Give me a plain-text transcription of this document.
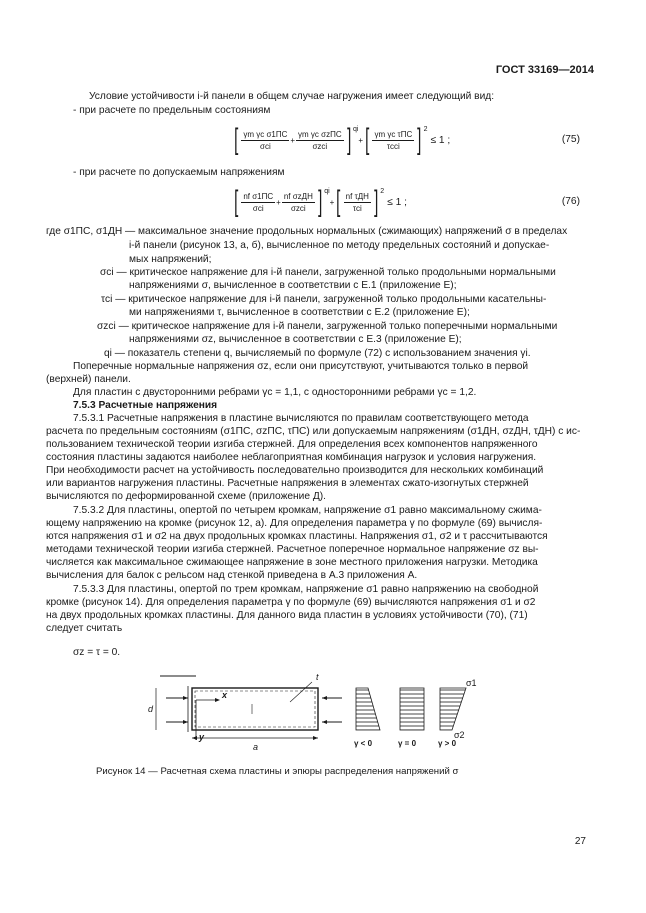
ГОСТ 33169—2014
Условие устойчивости i-й панели в общем случае нагружения имеет следующий вид:
- при расчете по предельным состояниям
[ $\frac{\text{γm γc σ1ПС}}{\text{σci}} + \frac{\text{γm γc σzПС}}{\text{σzci}}$ ] qi
+ [ $\frac{\text{γm γc τПС}}{\text{τcci}}$ ] 2
≤ 1 ;	(75)
- при расчете по допускаемым напряжениям
[ $\frac{\text{nf σ1ПС}}{\text{σci}} + \frac{\text{nf σzДН}}{\text{σzci}}$ ] qi
+ [ $\frac{\text{nf τДН}}{\text{τci}}$ ] 2
≤ 1 ;	(76)
где σ1ПС, σ1ДН — максимальное значение продольных нормальных (сжимающих) напряжений σ в пределах
i-й панели (рисунок 13, а, б), вычисленное по методу предельных состояний и допускае-
мых напряжений;
σci — критическое напряжение для i-й панели, загруженной только продольными нормальными
напряжениями σ, вычисленное в соответствии с Е.1 (приложение Е);
τci — критическое напряжение для i-й панели, загруженной только продольными касательны-
ми напряжениями τ, вычисленное в соответствии с Е.2 (приложение Е);
σzci — критическое напряжение для i-й панели, загруженной только поперечными нормальными
напряжениями σz, вычисленное в соответствии с Е.3 (приложение Е);
qi — показатель степени q, вычисляемый по формуле (72) с использованием значения γi.
Поперечные нормальные напряжения σz, если они присутствуют, учитываются только в первой
(верхней) панели.
Для пластин с двусторонними ребрами γc = 1,1, с односторонними ребрами γc = 1,2.
7.5.3 Расчетные напряжения
7.5.3.1 Расчетные напряжения в пластине вычисляются по правилам соответствующего метода
расчета по предельным состояниям (σ1ПС, σzПС, τПС) или допускаемым напряжениям (σ1ДН, σzДН, τДН) с ис-
пользованием технической теории изгиба стержней. Для определения всех компонентов напряженного
состояния пластины задаются наиболее неблагоприятная комбинация нагрузок и условия нагружения.
При необходимости расчет на устойчивость последовательно производится для нескольких комбинаций
или вариантов нагружения пластины. Расчетные напряжения в элементах сжато-изогнутых стержней
вычисляются по деформированной схеме (приложение Д).
7.5.3.2 Для пластины, опертой по четырем кромкам, напряжение σ1 равно максимальному сжима-
ющему напряжению на кромке (рисунок 12, а). Для определения параметра γ по формуле (69) вычисля-
ются напряжения σ1 и σ2 на двух продольных кромках пластины. Напряжения σ1, σ2 и τ рассчитываются
методами технической теории изгиба стержней. Расчетное поперечное нормальное напряжение σz вы-
числяется как максимальное сжимающее напряжение в зоне местного приложения нагрузки. Методика
вычисления для балок с рельсом над стенкой приведена в А.3 приложения А.
7.5.3.3 Для пластины, опертой по трем кромкам, напряжение σ1 равно напряжению на свободной
кромке (рисунок 14). Для определения параметра γ по формуле (69) вычисляются напряжения σ1 и σ2
на двух продольных кромках пластины. Для данного вида пластин в условиях устойчивости (70), (71)
следует считать
σz = τ = 0.
t
d
x
y
a
σ1
σ2
γ < 0	γ = 0	γ > 0
Рисунок 14 — Расчетная схема пластины и эпюры распределения напряжений σ
27
